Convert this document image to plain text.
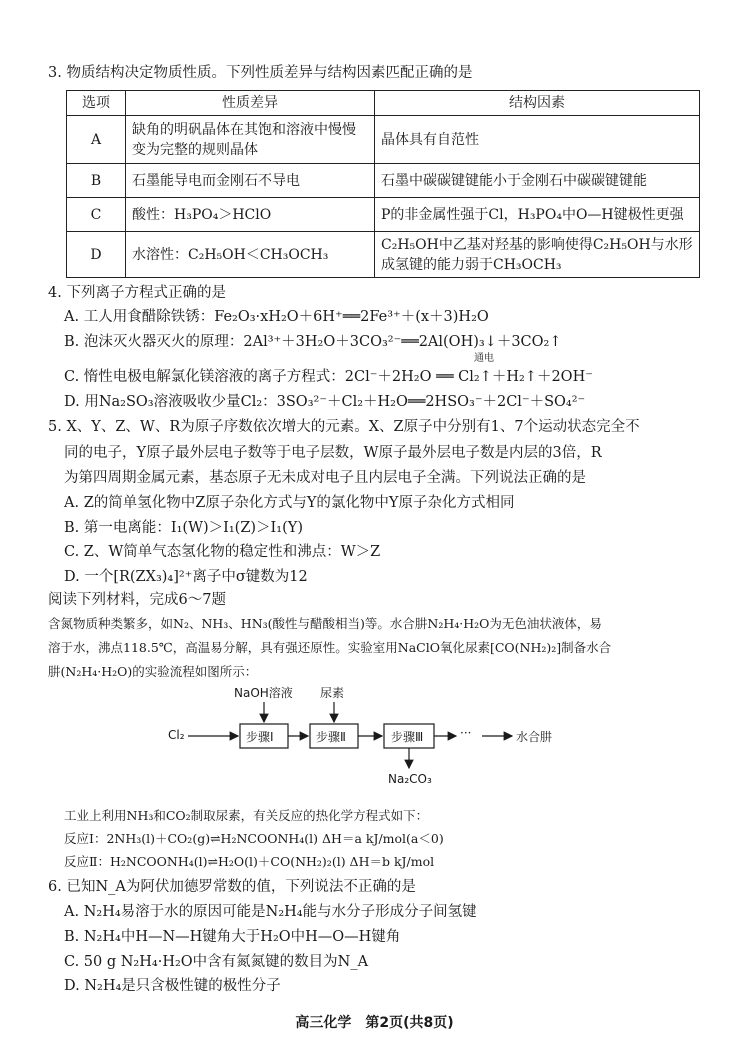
3. 物质结构决定物质性质。下列性质差异与结构因素匹配正确的是
选项	性质差异	结构因素
A	缺角的明矾晶体在其饱和溶液中慢慢变为完整的规则晶体	晶体具有自范性
B	石墨能导电而金刚石不导电	石墨中碳碳键键能小于金刚石中碳碳键键能
C	酸性：H₃PO₄＞HClO	P的非金属性强于Cl，H₃PO₄中O—H键极性更强
D	水溶性：C₂H₅OH＜CH₃OCH₃	C₂H₅OH中乙基对羟基的影响使得C₂H₅OH与水形成氢键的能力弱于CH₃OCH₃
4. 下列离子方程式正确的是
A. 工人用食醋除铁锈：Fe₂O₃·xH₂O＋6H⁺══2Fe³⁺＋(x＋3)H₂O
B. 泡沫灭火器灭火的原理：2Al³⁺＋3H₂O＋3CO₃²⁻══2Al(OH)₃↓＋3CO₂↑
C. 惰性电极电解氯化镁溶液的离子方程式：2Cl⁻＋2H₂O ══ Cl₂↑＋H₂↑＋2OH⁻
通电
D. 用Na₂SO₃溶液吸收少量Cl₂：3SO₃²⁻＋Cl₂＋H₂O══2HSO₃⁻＋2Cl⁻＋SO₄²⁻
5. X、Y、Z、W、R为原子序数依次增大的元素。X、Z原子中分别有1、7个运动状态完全不
同的电子，Y原子最外层电子数等于电子层数，W原子最外层电子数是内层的3倍，R
为第四周期金属元素，基态原子无未成对电子且内层电子全满。下列说法正确的是
A. Z的简单氢化物中Z原子杂化方式与Y的氯化物中Y原子杂化方式相同
B. 第一电离能：I₁(W)＞I₁(Z)＞I₁(Y)
C. Z、W简单气态氢化物的稳定性和沸点：W＞Z
D. 一个[R(ZX₃)₄]²⁺离子中σ键数为12
阅读下列材料，完成6～7题
含氮物质种类繁多，如N₂、NH₃、HN₃(酸性与醋酸相当)等。水合肼N₂H₄·H₂O为无色油状液体，易
溶于水，沸点118.5℃，高温易分解，具有强还原性。实验室用NaClO氧化尿素[CO(NH₂)₂]制备水合
肼(N₂H₄·H₂O)的实验流程如图所示：
NaOH溶液 尿素
Cl₂	步骤Ⅰ	步骤Ⅱ	步骤Ⅲ	···	水合肼
Na₂CO₃
工业上利用NH₃和CO₂制取尿素，有关反应的热化学方程式如下：
反应Ⅰ：2NH₃(l)＋CO₂(g)⇌H₂NCOONH₄(l) ΔH＝a kJ/mol(a＜0)
反应Ⅱ：H₂NCOONH₄(l)⇌H₂O(l)＋CO(NH₂)₂(l) ΔH＝b kJ/mol
6. 已知N_A为阿伏加德罗常数的值，下列说法不正确的是
A. N₂H₄易溶于水的原因可能是N₂H₄能与水分子形成分子间氢键
B. N₂H₄中H—N—H键角大于H₂O中H—O—H键角
C. 50 g N₂H₄·H₂O中含有氮氮键的数目为N_A
D. N₂H₄是只含极性键的极性分子
高三化学　第2页(共8页)
